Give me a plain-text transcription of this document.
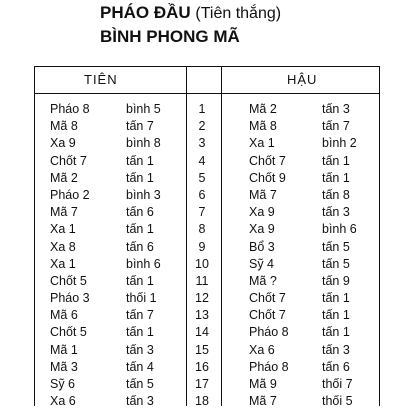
PHÁO ĐẦU (Tiên thắng)
BÌNH PHONG MÃ
TIÊN	HẬU
Pháo 8	bình 5	1	Mã 2	tấn 3
Mã 8	tấn 7	2	Mã 8	tấn 7
Xa 9	bình 8	3	Xa 1	bình 2
Chốt 7	tấn 1	4	Chốt 7	tấn 1
Mã 2	tấn 1	5	Chốt 9	tấn 1
Pháo 2	bình 3	6	Mã 7	tấn 8
Mã 7	tấn 6	7	Xa 9	tấn 3
Xa 1	tấn 1	8	Xa 9	bình 6
Xa 8	tấn 6	9	Bổ 3	tấn 5
Xa 1	bình 6	10	Sỹ 4	tấn 5
Chốt 5	tấn 1	11	Mã ?	tấn 9
Pháo 3	thối 1	12	Chốt 7	tấn 1
Mã 6	tấn 7	13	Chốt 7	tấn 1
Chốt 5	tấn 1	14	Pháo 8	tấn 1
Mã 1	tấn 3	15	Xa 6	tấn 3
Mã 3	tấn 4	16	Pháo 8	tấn 6
Sỹ 6	tấn 5	17	Mã 9	thối 7
Xa 6	tấn 3	18	Mã 7	thối 5
